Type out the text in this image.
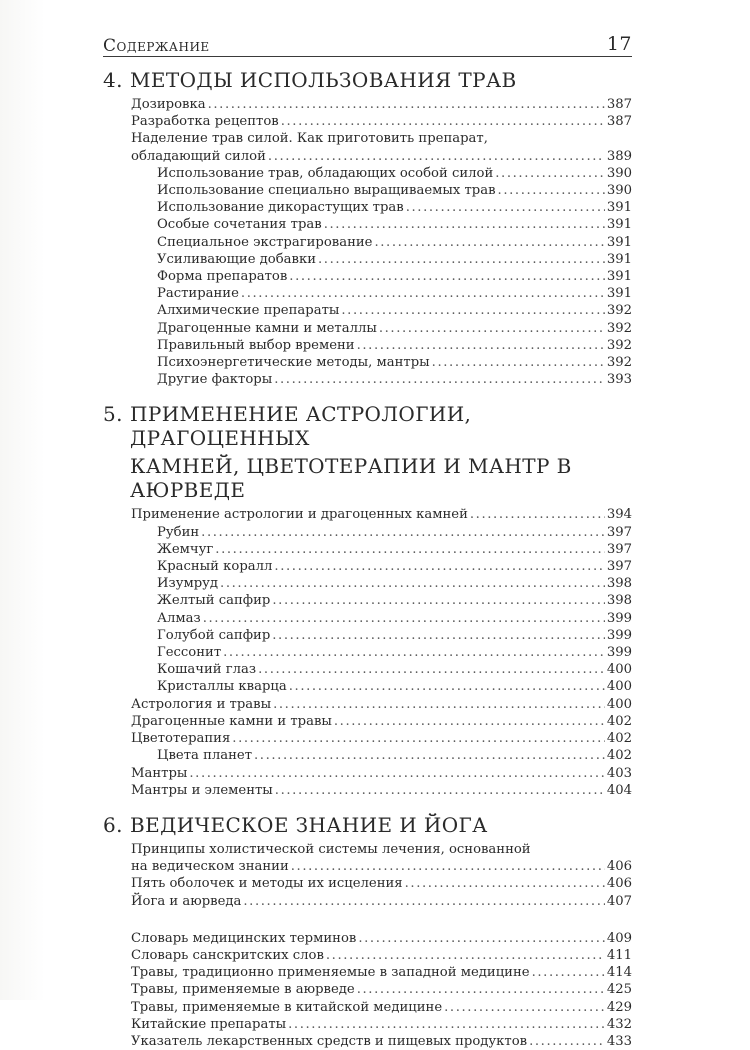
Содержание	17
4. МЕТОДЫ ИСПОЛЬЗОВАНИЯ ТРАВ
Дозировка .....	387
Разработка рецептов .....	387
Наделение трав силой. Как приготовить препарат,
обладающий силой .....	389
Использование трав, обладающих особой силой .....	390
Использование специально выращиваемых трав .....	390
Использование дикорастущих трав .....	391
Особые сочетания трав .....	391
Специальное экстрагирование .....	391
Усиливающие добавки .....	391
Форма препаратов .....	391
Растирание .....	391
Алхимические препараты .....	392
Драгоценные камни и металлы .....	392
Правильный выбор времени .....	392
Психоэнергетические методы, мантры .....	392
Другие факторы .....	393
5. ПРИМЕНЕНИЕ АСТРОЛОГИИ, ДРАГОЦЕННЫХ
КАМНЕЙ, ЦВЕТОТЕРАПИИ И МАНТР В АЮРВЕДЕ
Применение астрологии и драгоценных камней .....	394
Рубин .....	397
Жемчуг .....	397
Красный коралл .....	397
Изумруд .....	398
Желтый сапфир .....	398
Алмаз .....	399
Голубой сапфир .....	399
Гессонит .....	399
Кошачий глаз .....	400
Кристаллы кварца .....	400
Астрология и травы .....	400
Драгоценные камни и травы .....	402
Цветотерапия .....	402
Цвета планет .....	402
Мантры .....	403
Мантры и элементы .....	404
6. ВЕДИЧЕСКОЕ ЗНАНИЕ И ЙОГА
Принципы холистической системы лечения, основанной
на ведическом знании .....	406
Пять оболочек и методы их исцеления .....	406
Йога и аюрведа .....	407
Словарь медицинских терминов .....	409
Словарь санскритских слов .....	411
Травы, традиционно применяемые в западной медицине .....	414
Травы, применяемые в аюрведе .....	425
Травы, применяемые в китайской медицине .....	429
Китайские препараты .....	432
Указатель лекарственных средств и пищевых продуктов .....	433
